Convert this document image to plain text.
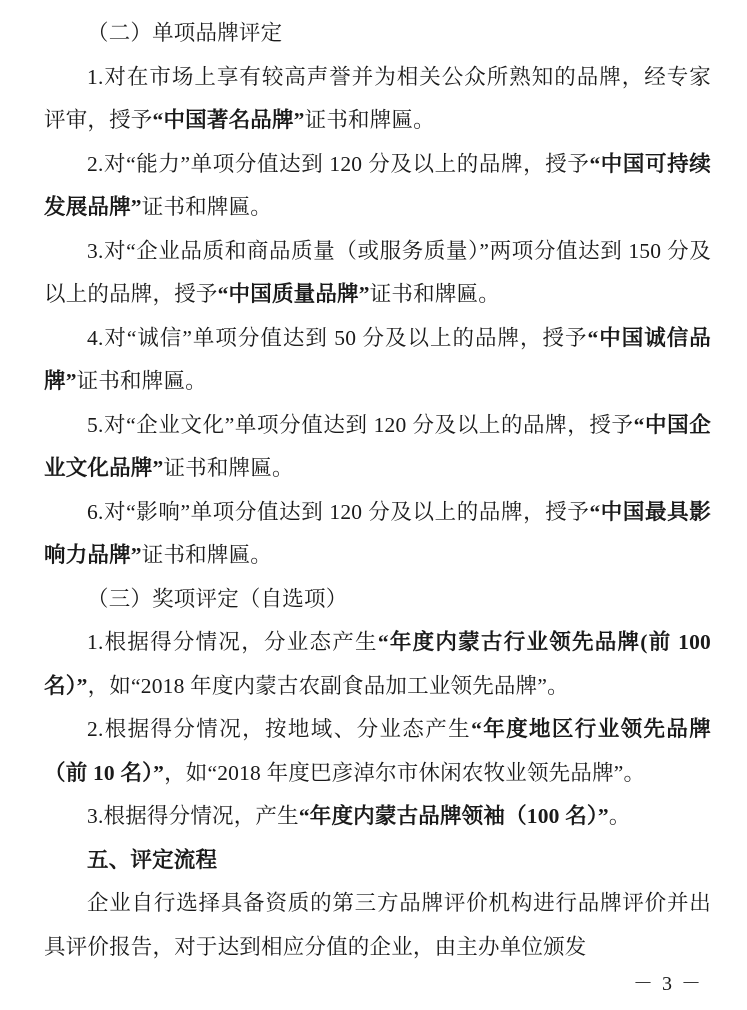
（二）单项品牌评定

1.对在市场上享有较高声誉并为相关公众所熟知的品牌，经专家评审，授予“中国著名品牌”证书和牌匾。

2.对“能力”单项分值达到 120 分及以上的品牌，授予“中国可持续发展品牌”证书和牌匾。

3.对“企业品质和商品质量（或服务质量）”两项分值达到 150 分及以上的品牌，授予“中国质量品牌”证书和牌匾。

4.对“诚信”单项分值达到 50 分及以上的品牌，授予“中国诚信品牌”证书和牌匾。

5.对“企业文化”单项分值达到 120 分及以上的品牌，授予“中国企业文化品牌”证书和牌匾。

6.对“影响”单项分值达到 120 分及以上的品牌，授予“中国最具影响力品牌”证书和牌匾。

（三）奖项评定（自选项）

1.根据得分情况，分业态产生“年度内蒙古行业领先品牌(前 100 名）”，如“2018 年度内蒙古农副食品加工业领先品牌”。

2.根据得分情况，按地域、分业态产生“年度地区行业领先品牌（前 10 名）”，如“2018 年度巴彦淖尔市休闲农牧业领先品牌”。

3.根据得分情况，产生“年度内蒙古品牌领袖（100 名）”。

五、评定流程

企业自行选择具备资质的第三方品牌评价机构进行品牌评价并出具评价报告，对于达到相应分值的企业，由主办单位颁发

－ 3 －
